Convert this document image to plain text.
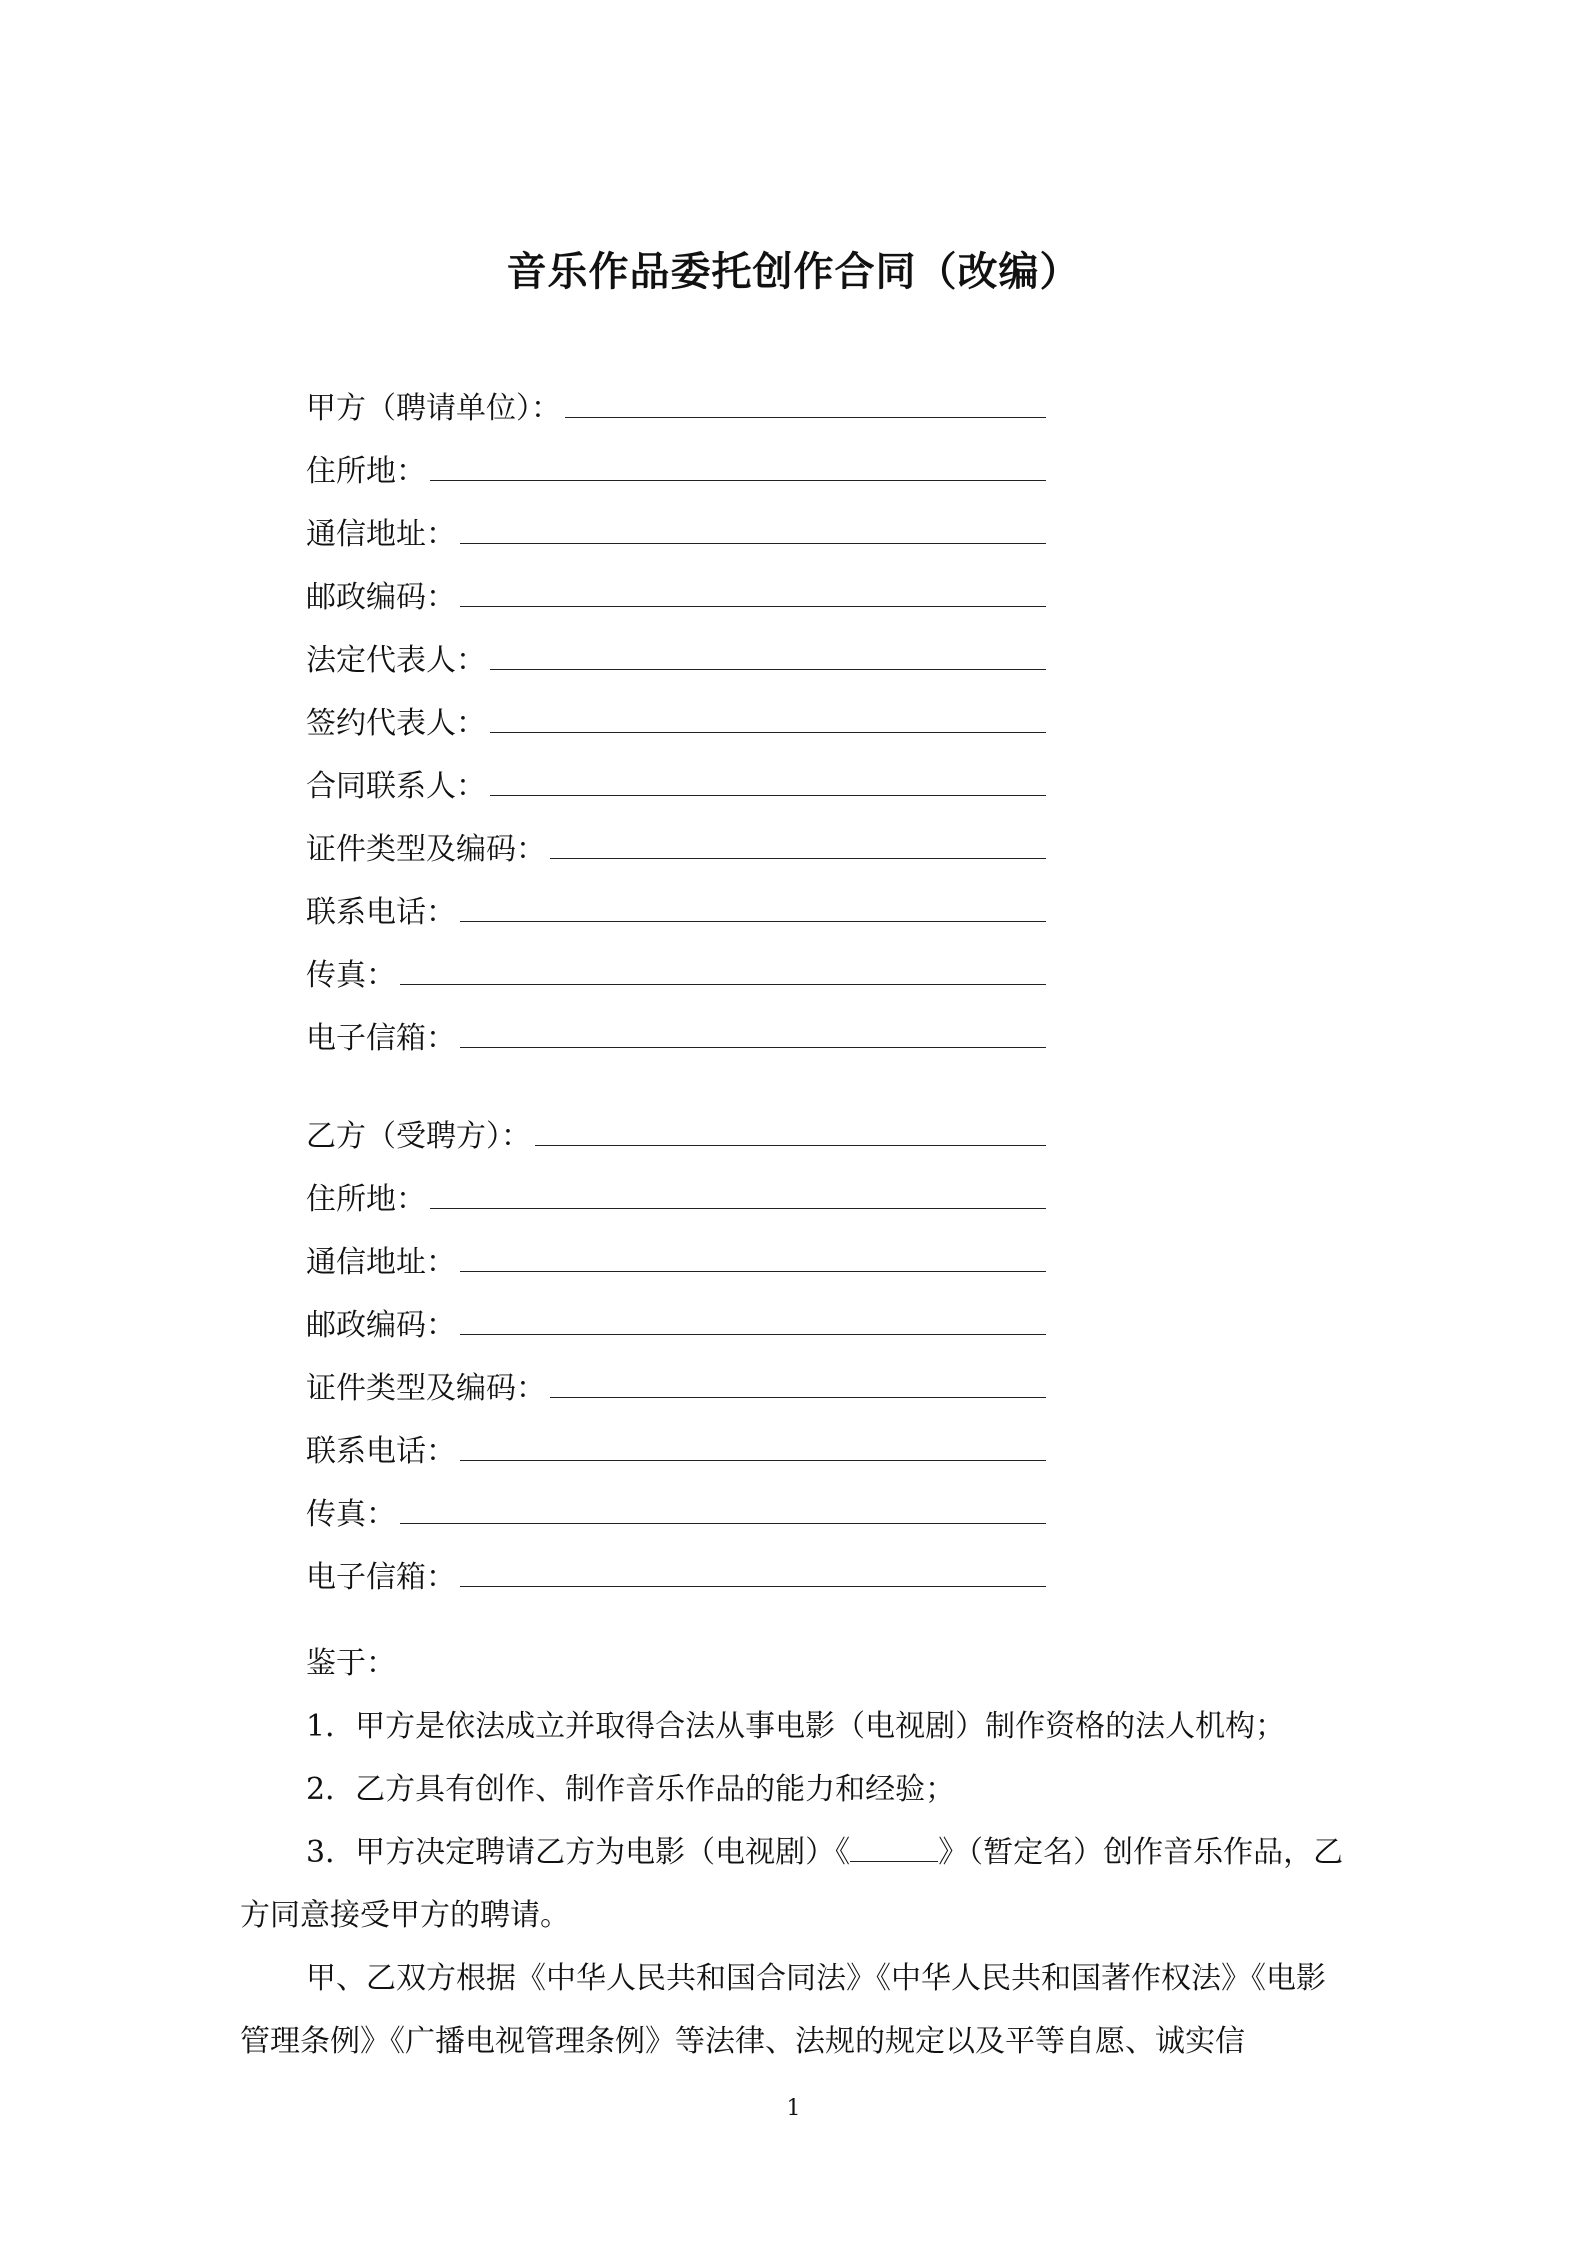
音乐作品委托创作合同（改编）
甲方（聘请单位）：
住所地：
通信地址：
邮政编码：
法定代表人：
签约代表人：
合同联系人：
证件类型及编码：
联系电话：
传真：
电子信箱：
乙方（受聘方）：
住所地：
通信地址：
邮政编码：
证件类型及编码：
联系电话：
传真：
电子信箱：

鉴于：

1．甲方是依法成立并取得合法从事电影（电视剧）制作资格的法人机构；

2．乙方具有创作、制作音乐作品的能力和经验；

3．甲方决定聘请乙方为电影（电视剧）《	》（暂定名）创作音乐作品，乙方同意接受甲方的聘请。

甲、乙双方根据《中华人民共和国合同法》《中华人民共和国著作权法》《电影管理条例》《广播电视管理条例》等法律、法规的规定以及平等自愿、诚实信

1
